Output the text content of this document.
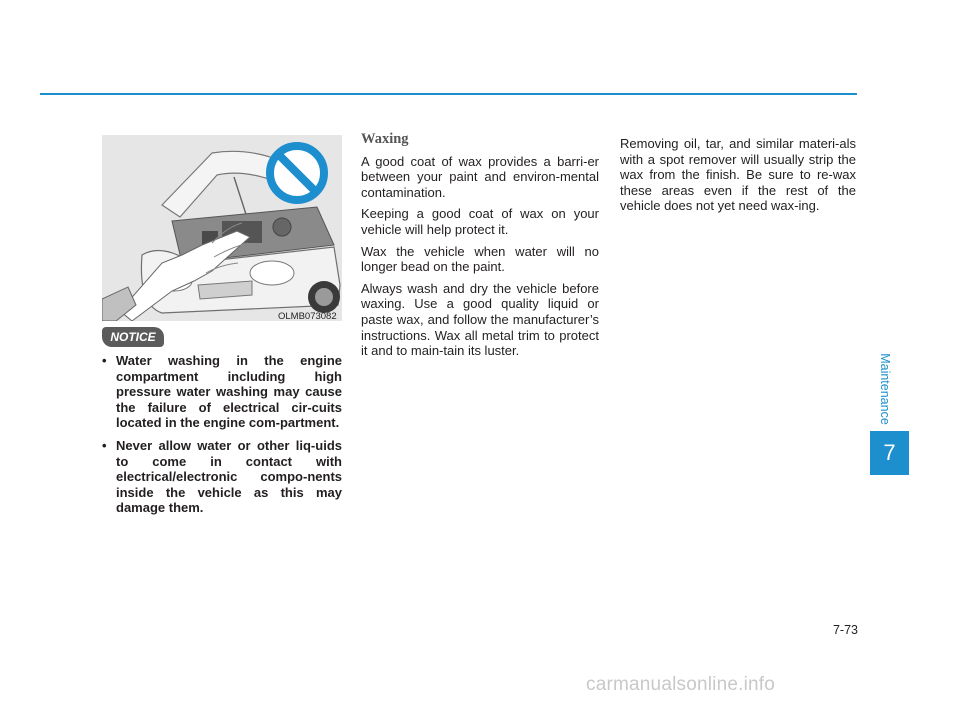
OLMB073082
NOTICE
• Water washing in the engine compartment including high pressure water washing may cause the failure of electrical cir-cuits located in the engine com-partment.
• Never allow water or other liq-uids to come in contact with electrical/electronic compo-nents inside the vehicle as this may damage them.
Waxing

A good coat of wax provides a barri-er between your paint and environ-mental contamination.

Keeping a good coat of wax on your vehicle will help protect it.

Wax the vehicle when water will no longer bead on the paint.

Always wash and dry the vehicle before waxing. Use a good quality liquid or paste wax, and follow the manufacturer’s instructions. Wax all metal trim to protect it and to main-tain its luster.

Removing oil, tar, and similar materi-als with a spot remover will usually strip the wax from the finish. Be sure to re-wax these areas even if the rest of the vehicle does not yet need wax-ing.

Maintenance
7
7-73
carmanualsonline.info
